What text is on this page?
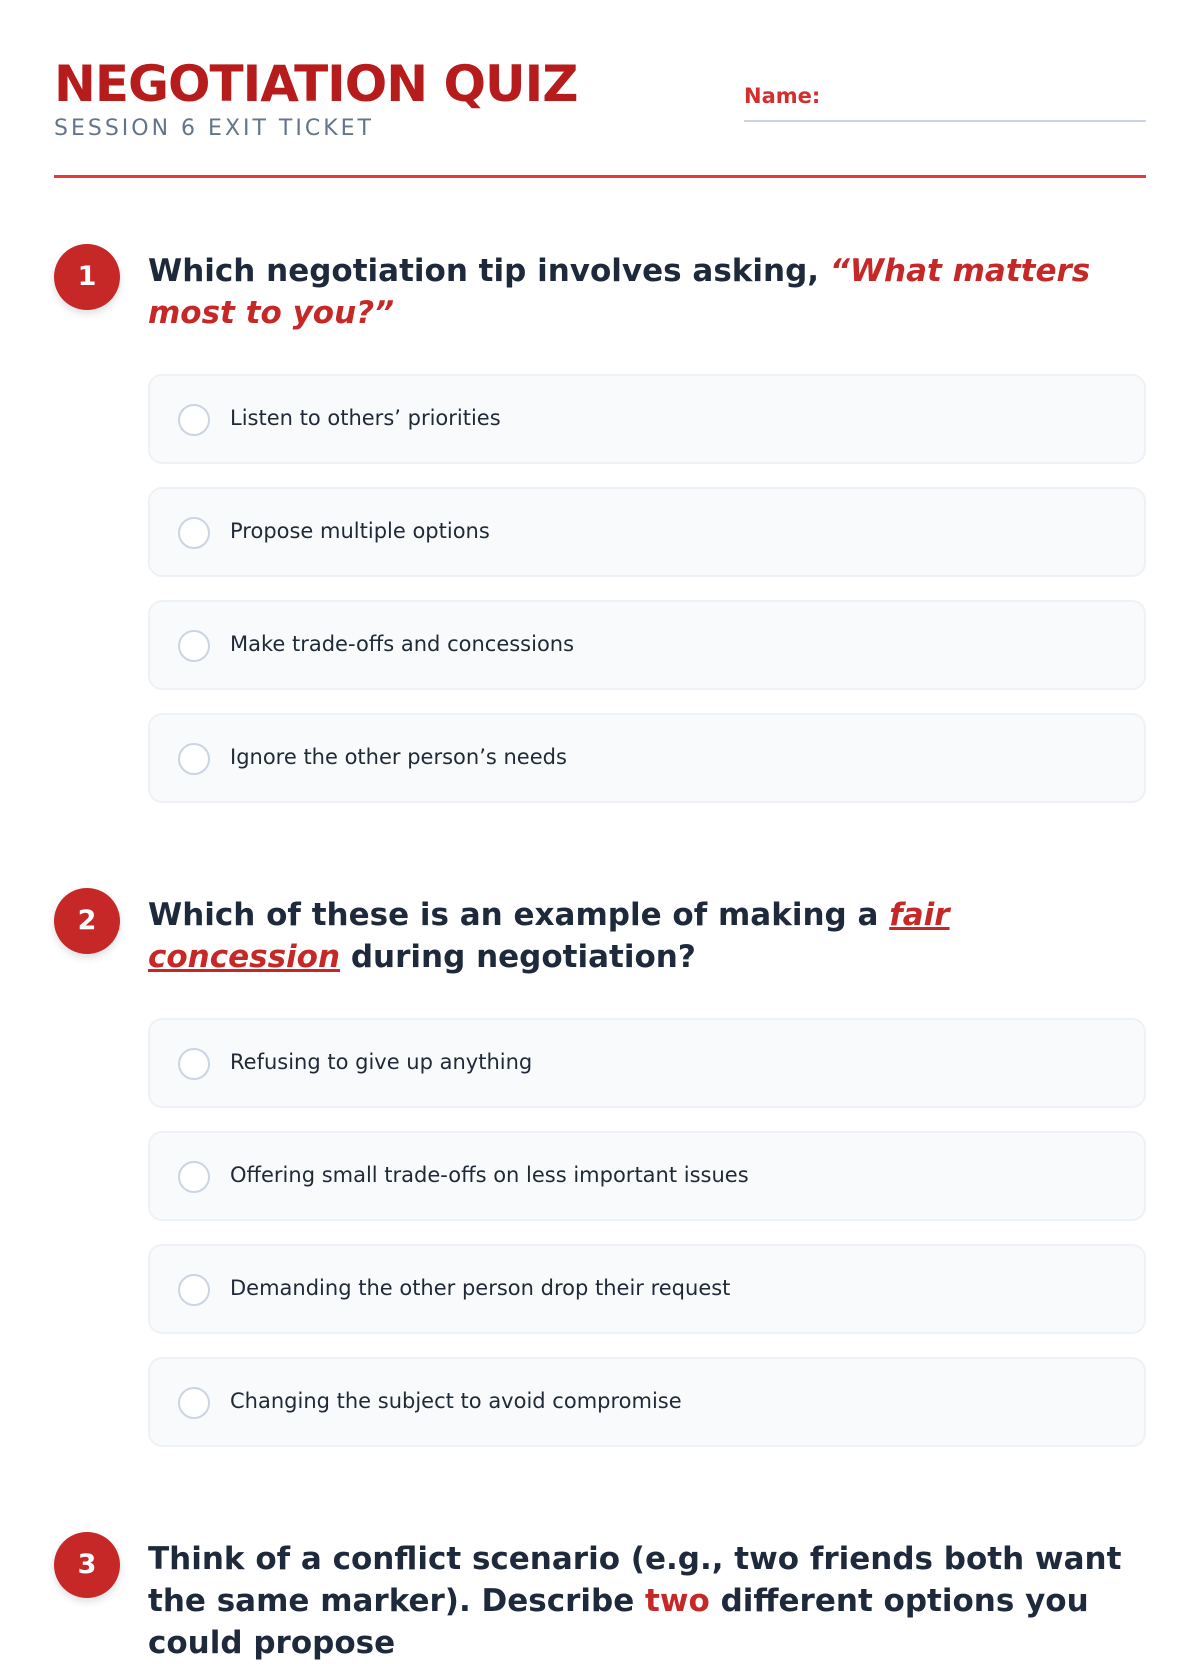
NEGOTIATION QUIZ
SESSION 6 EXIT TICKET
Name:
1	Which negotiation tip involves asking, “What matters most to you?”
Listen to others’ priorities
Propose multiple options
Make trade-offs and concessions
Ignore the other person’s needs
2	Which of these is an example of making a fair concession during negotiation?
Refusing to give up anything
Offering small trade-offs on less important issues
Demanding the other person drop their request
Changing the subject to avoid compromise
3	Think of a conflict scenario (e.g., two friends both want the same marker). Describe two different options you could propose
